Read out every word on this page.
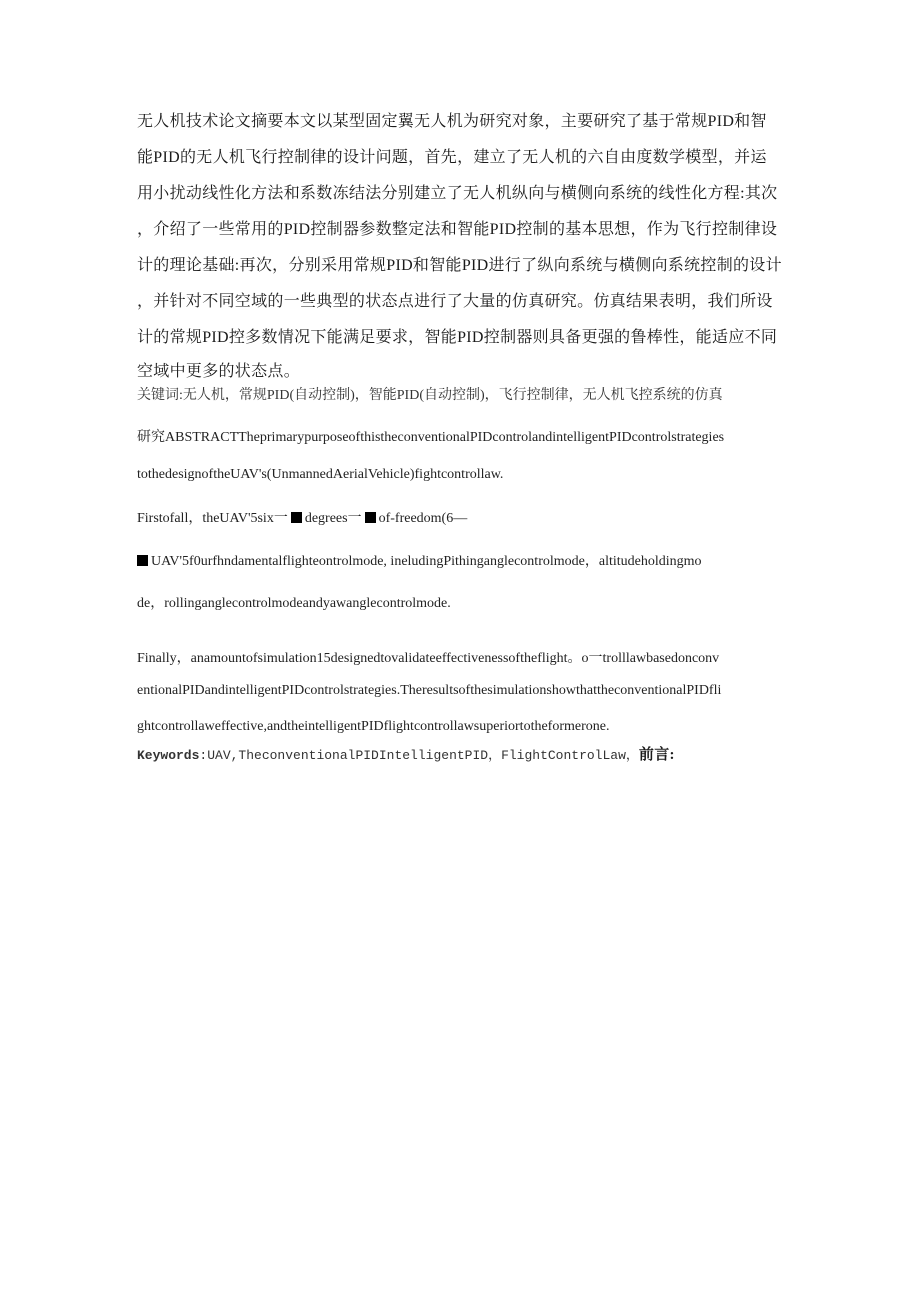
无人机技术论文摘要本文以某型固定翼无人机为研究对象，主要研究了基于常规PID和智
能PID的无人机飞行控制律的设计问题，首先，建立了无人机的六自由度数学模型，并运
用小扰动线性化方法和系数冻结法分别建立了无人机纵向与横侧向系统的线性化方程:其次
，介绍了一些常用的PID控制器参数整定法和智能PID控制的基本思想，作为飞行控制律设
计的理论基础:再次，分别采用常规PID和智能PID进行了纵向系统与横侧向系统控制的设计
，并针对不同空域的一些典型的状态点进行了大量的仿真研究。仿真结果表明，我们所设
计的常规PID控多数情况下能满足要求，智能PID控制器则具备更强的鲁棒性，能适应不同
空域中更多的状态点。
关键词:无人机，常规PID(自动控制)，智能PID(自动控制)，飞行控制律，无人机飞控系统的仿真
研究ABSTRACTTheprimarypurposeofthistheconventionalPIDcontrolandintelligentPIDcontrolstrategies
tothedesignoftheUAV's(UnmannedAerialVehicle)fightcontrollaw.
Firstofall，theUAV'5six一 degrees一 of-freedom(6—
UAV'5f0urfhndamentalflighteontrolmode, ineludingPithinganglecontrolmode，altitudeholdingmo
de，rollinganglecontrolmodeandyawanglecontrolmode.
Finally，anamountofsimulation15designedtovalidateeffectivenessoftheflight。o一trolllawbasedonconv
entionalPIDandintelligentPIDcontrolstrategies.TheresultsofthesimulationshowthattheconventionalPIDfli
ghtcontrollaweffective,andtheintelligentPIDflightcontrollawsuperiortotheformerone.
Keywords:UAV,TheconventionalPIDIntelligentPID，FlightControlLaw，前言:
